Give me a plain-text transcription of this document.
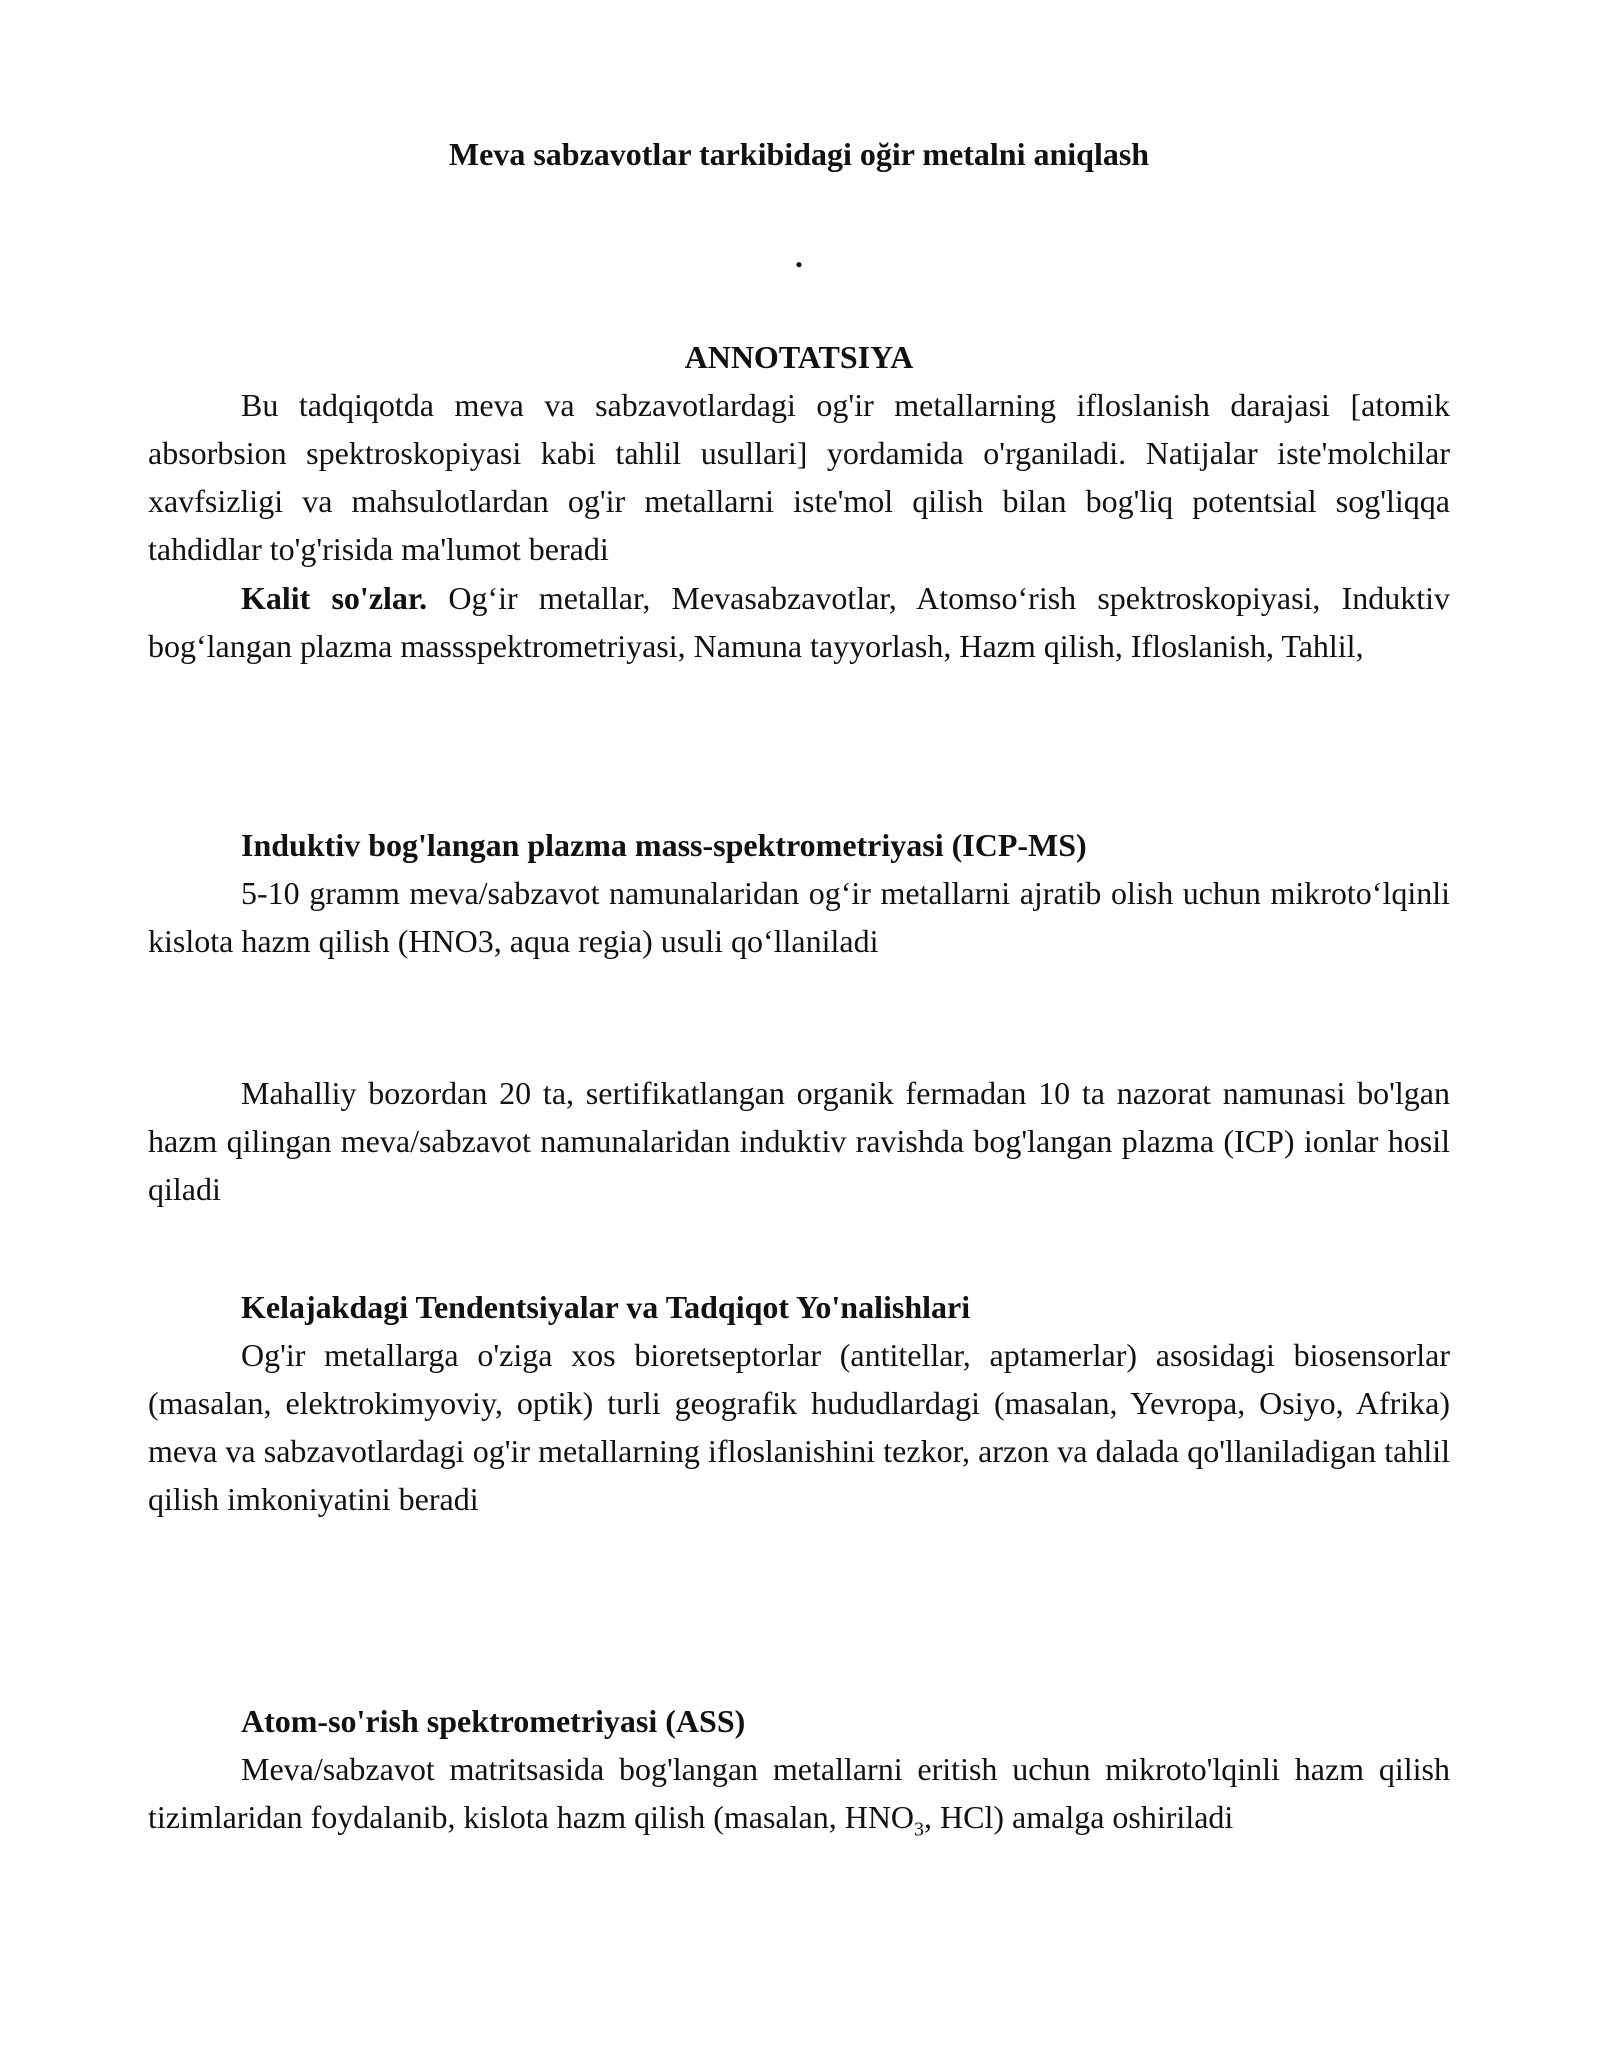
Meva sabzavotlar tarkibidagi oğir metalni aniqlash
.
ANNOTATSIYA

Bu tadqiqotda meva va sabzavotlardagi og'ir metallarning ifloslanish darajasi [atomik absorbsion spektroskopiyasi kabi tahlil usullari] yordamida o'rganiladi. Natijalar iste'molchilar xavfsizligi va mahsulotlardan og'ir metallarni iste'mol qilish bilan bog'liq potentsial sog'liqqa tahdidlar to'g'risida ma'lumot beradi

Kalit so'zlar. Og‘ir metallar, Mevasabzavotlar, Atomso‘rish spektroskopiyasi, Induktiv bog‘langan plazma massspektrometriyasi, Namuna tayyorlash, Hazm qilish, Ifloslanish, Tahlil,

Induktiv bog'langan plazma mass-spektrometriyasi (ICP-MS)

5-10 gramm meva/sabzavot namunalaridan og‘ir metallarni ajratib olish uchun mikroto‘lqinli kislota hazm qilish (HNO3, aqua regia) usuli qo‘llaniladi

Mahalliy bozordan 20 ta, sertifikatlangan organik fermadan 10 ta nazorat namunasi bo'lgan hazm qilingan meva/sabzavot namunalaridan induktiv ravishda bog'langan plazma (ICP) ionlar hosil qiladi

Kelajakdagi Tendentsiyalar va Tadqiqot Yo'nalishlari

Og'ir metallarga o'ziga xos bioretseptorlar (antitellar, aptamerlar) asosidagi biosensorlar (masalan, elektrokimyoviy, optik) turli geografik hududlardagi (masalan, Yevropa, Osiyo, Afrika) meva va sabzavotlardagi og'ir metallarning ifloslanishini tezkor, arzon va dalada qo'llaniladigan tahlil qilish imkoniyatini beradi

Atom-so'rish spektrometriyasi (ASS)

Meva/sabzavot matritsasida bog'langan metallarni eritish uchun mikroto'lqinli hazm qilish tizimlaridan foydalanib, kislota hazm qilish (masalan, $HNO_3$, HCl) amalga oshiriladi
